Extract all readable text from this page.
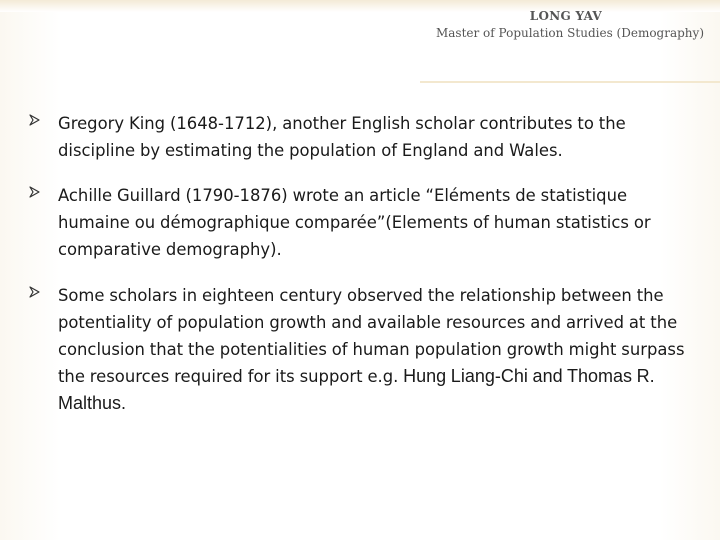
LONG YAV
Master of Population Studies (Demography)
Gregory King (1648-1712), another English scholar contributes to the discipline by estimating the population of England and Wales.
Achille Guillard (1790-1876) wrote an article “Eléments de statistique humaine ou démographique comparée”(Elements of human statistics or comparative demography).
Some scholars in eighteen century observed the relationship between the potentiality of population growth and available resources and arrived at the conclusion that the potentialities of human population growth might surpass the resources required for its support e.g. Hung Liang-Chi and Thomas R. Malthus.
